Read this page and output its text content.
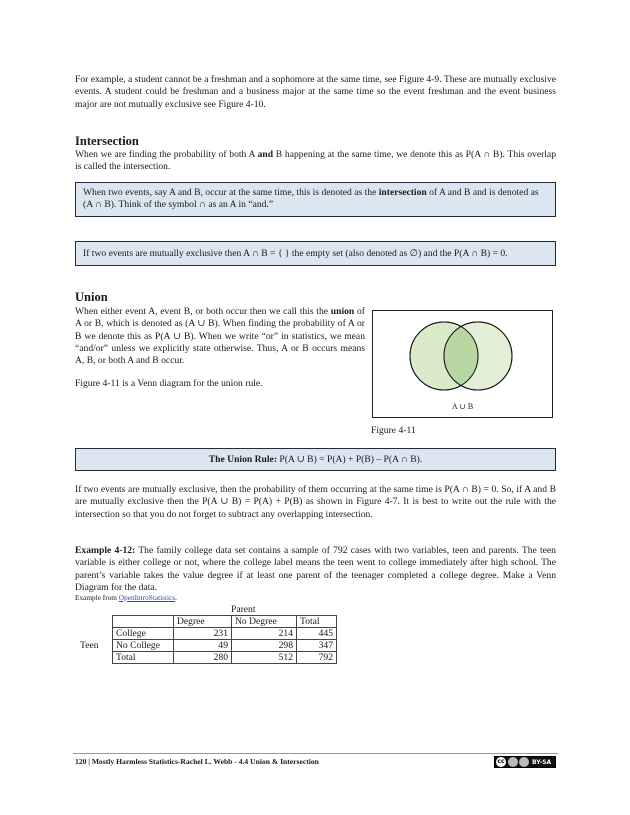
For example, a student cannot be a freshman and a sophomore at the same time, see Figure 4-9. These are mutually exclusive events. A student could be freshman and a business major at the same time so the event freshman and the event business major are not mutually exclusive see Figure 4-10.
Intersection
When we are finding the probability of both A and B happening at the same time, we denote this as P(A ∩ B). This overlap is called the intersection.
When two events, say A and B, occur at the same time, this is denoted as the intersection of A and B and is denoted as (A ∩ B). Think of the symbol ∩ as an A in “and.”
If two events are mutually exclusive then A ∩ B = { } the empty set (also denoted as ∅) and the P(A ∩ B) = 0.
Union
When either event A, event B, or both occur then we call this the union of A or B, which is denoted as (A ∪ B). When finding the probability of A or B we denote this as P(A ∪ B). When we write “or” in statistics, we mean “and/or” unless we explicitly state otherwise. Thus, A or B occurs means A, B, or both A and B occur.
Figure 4-11 is a Venn diagram for the union rule.
A ∪ B
Figure 4-11
The Union Rule: P(A ∪ B) = P(A) + P(B) – P(A ∩ B).
If two events are mutually exclusive, then the probability of them occurring at the same time is P(A ∩ B) = 0. So, if A and B are mutually exclusive then the P(A ∪ B) = P(A) + P(B) as shown in Figure 4-7. It is best to write out the rule with the intersection so that you do not forget to subtract any overlapping intersection.
Example 4-12: The family college data set contains a sample of 792 cases with two variables, teen and parents. The teen variable is either college or not, where the college label means the teen went to college immediately after high school. The parent’s variable takes the value degree if at least one parent of the teenager completed a college degree. Make a Venn Diagram for the data.
Example from OpenIntroStatistics.
Parent
Teen
	Degree	No Degree	Total
College	231	214	445
No College	49	298	347
Total	280	512	792
120 | Mostly Harmless Statistics-Rachel L. Webb - 4.4 Union & Intersection	cc	BY-SA
